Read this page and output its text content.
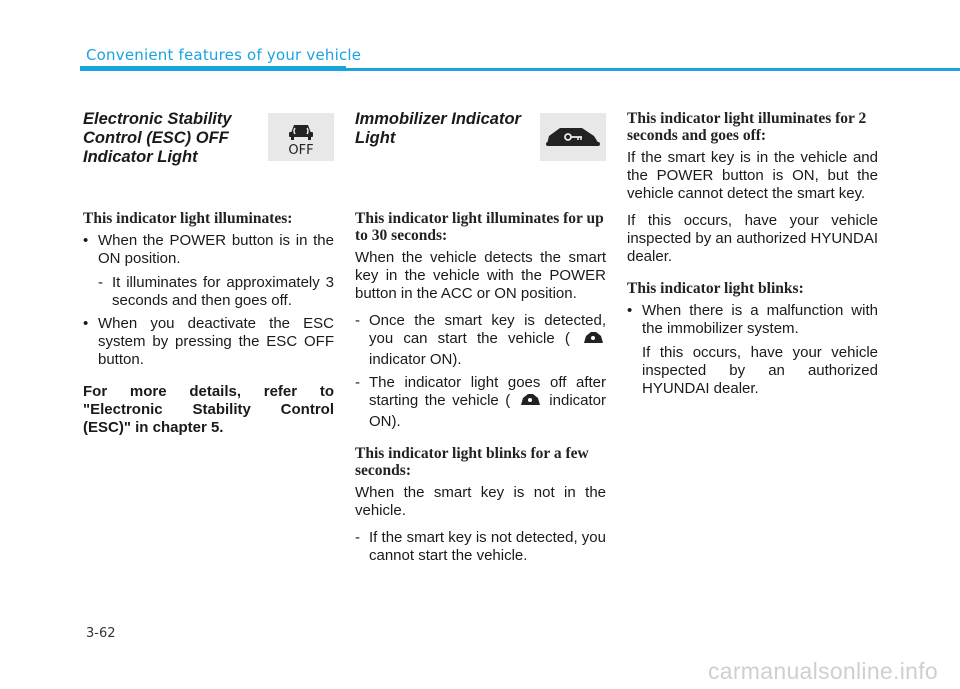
Convenient features of your vehicle
Electronic Stability Control (ESC) OFF Indicator Light	OFF
This indicator light illuminates:
• When the POWER button is in the ON position.
- It illuminates for approximately 3 seconds and then goes off.
• When you deactivate the ESC system by pressing the ESC OFF button.

For more details, refer to "Electronic Stability Control (ESC)" in chapter 5.

Immobilizer Indicator Light
This indicator light illuminates for up to 30 seconds:

When the vehicle detects the smart key in the vehicle with the POWER button in the ACC or ON position.

- Once the smart key is detected, you can start the vehicle (  indicator ON).
- The indicator light goes off after starting the vehicle (	indicator ON).
This indicator light blinks for a few seconds:

When the smart key is not in the vehicle.

- If the smart key is not detected, you cannot start the vehicle.
This indicator light illuminates for 2 seconds and goes off:

If the smart key is in the vehicle and the POWER button is ON, but the vehicle cannot detect the smart key.

If this occurs, have your vehicle inspected by an authorized HYUNDAI dealer.

This indicator light blinks:
• When there is a malfunction with the immobilizer system.

If this occurs, have your vehicle inspected by an authorized HYUNDAI dealer.

3-62
carmanualsonline.info
